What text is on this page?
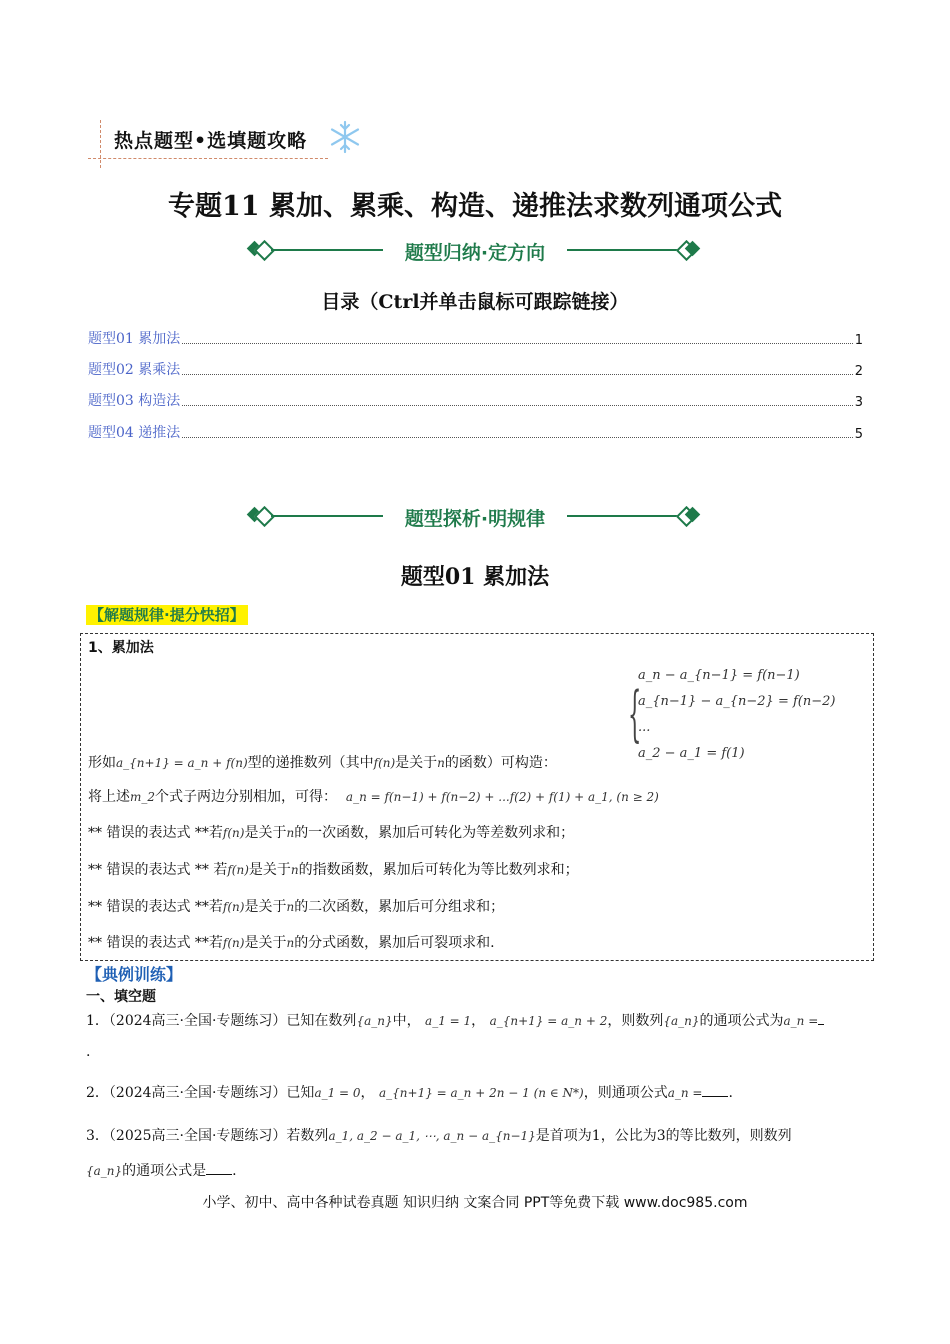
热点题型•选填题攻略
专题11 累加、累乘、构造、递推法求数列通项公式
题型归纳·定方向
目录（Ctrl并单击鼠标可跟踪链接）
题型01 累加法	1
题型02 累乘法	2
题型03 构造法	3
题型04 递推法	5
题型探析·明规律
题型01 累加法
【解题规律·提分快招】
1、累加法
{
a_n − a_{n−1} = f(n−1)
a_{n−1} − a_{n−2} = f(n−2)
...
a_2 − a_1 = f(1)
形如a_{n+1} = a_n + f(n)型的递推数列（其中f(n)是关于n的函数）可构造：
将上述m_2个式子两边分别相加，可得： a_n = f(n−1) + f(n−2) + ...f(2) + f(1) + a_1, (n ≥ 2)
** 错误的表达式 **若f(n)是关于n的一次函数，累加后可转化为等差数列求和；
** 错误的表达式 ** 若f(n)是关于n的指数函数，累加后可转化为等比数列求和；
** 错误的表达式 **若f(n)是关于n的二次函数，累加后可分组求和；
** 错误的表达式 **若f(n)是关于n的分式函数，累加后可裂项求和.
【典例训练】
一、填空题
1．（2024高三·全国·专题练习）已知在数列{a_n}中， a_1 = 1， a_{n+1} = a_n + 2，则数列{a_n}的通项公式为a_n =
.
2．（2024高三·全国·专题练习）已知a_1 = 0， a_{n+1} = a_n + 2n − 1 (n ∈ N*)，则通项公式a_n = .
3．（2025高三·全国·专题练习）若数列a_1, a_2 − a_1, ⋯, a_n − a_{n−1}是首项为1，公比为3的等比数列，则数列
{a_n}的通项公式是 .
小学、初中、高中各种试卷真题 知识归纳 文案合同 PPT等免费下载 www.doc985.com
